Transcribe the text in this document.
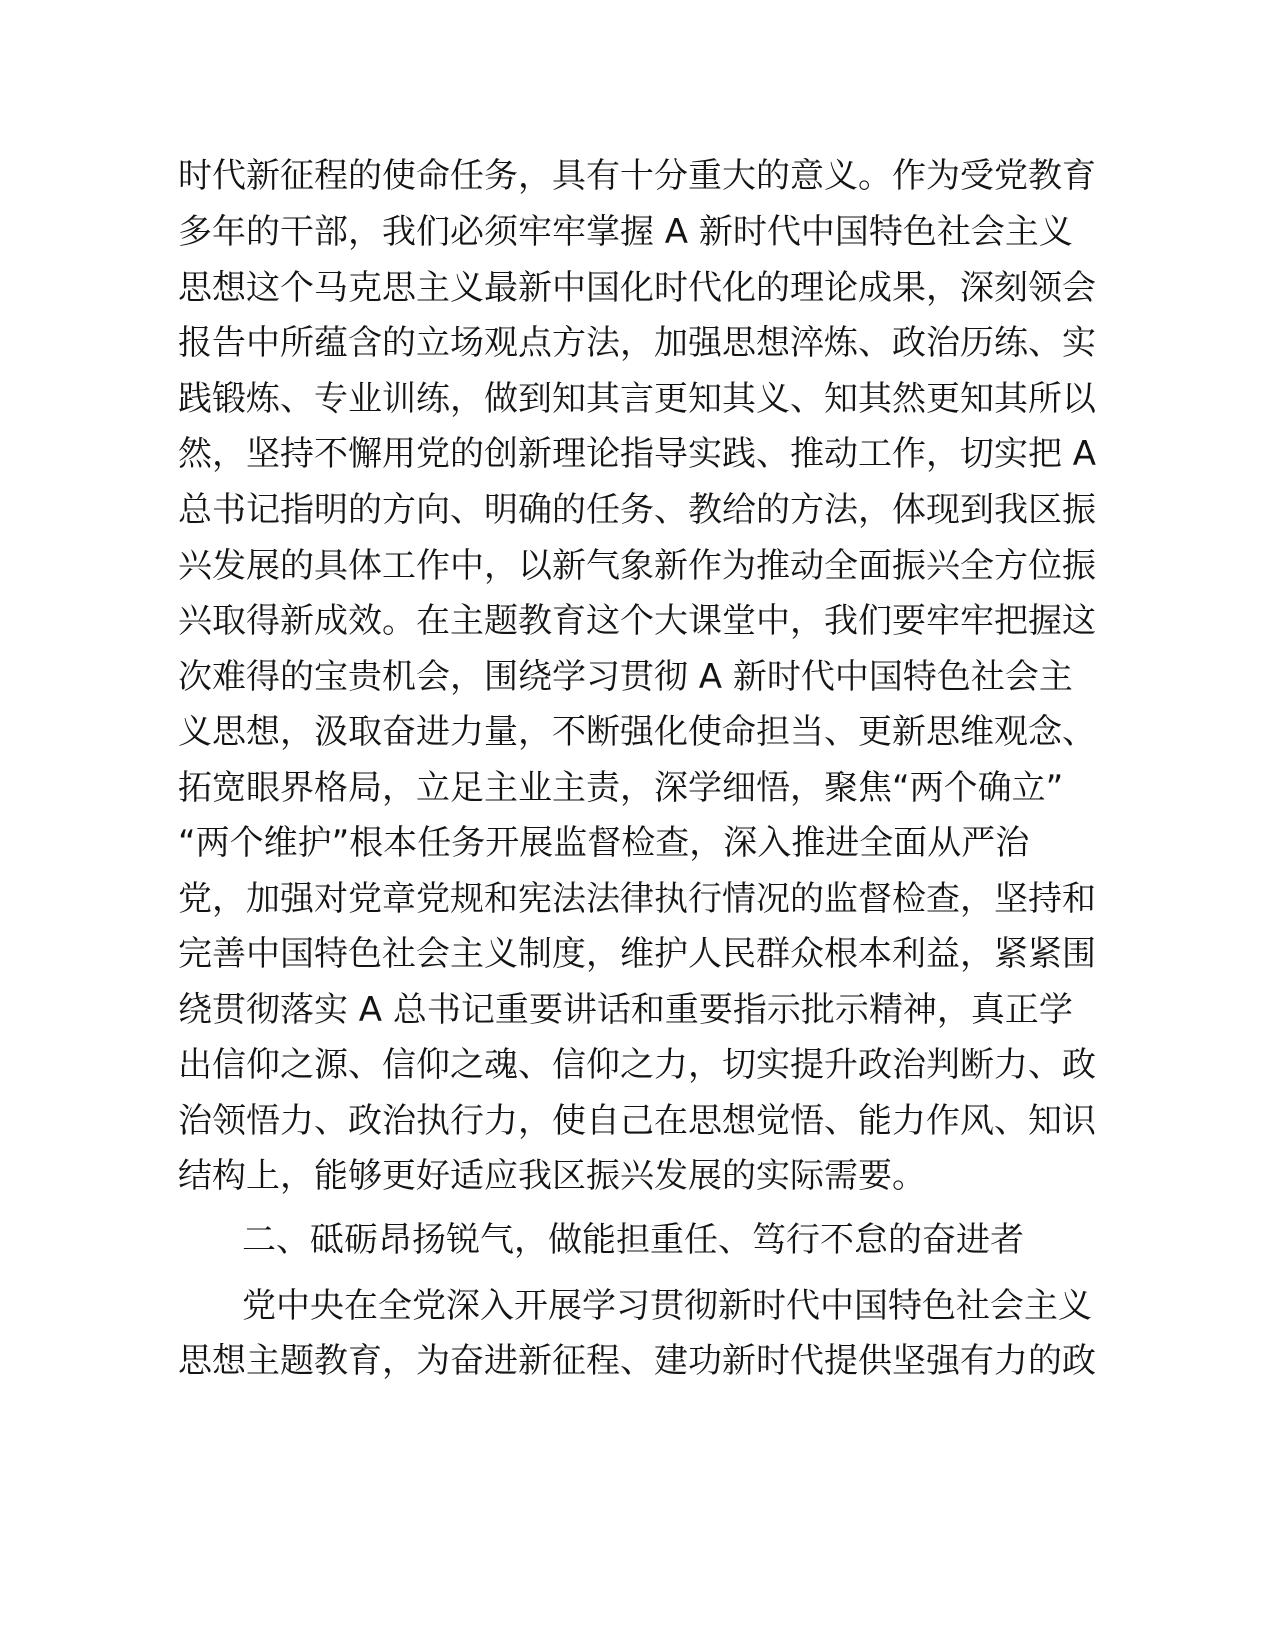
时代新征程的使命任务，具有十分重大的意义。作为受党教育
多年的干部，我们必须牢牢掌握 A 新时代中国特色社会主义
思想这个马克思主义最新中国化时代化的理论成果，深刻领会
报告中所蕴含的立场观点方法，加强思想淬炼、政治历练、实
践锻炼、专业训练，做到知其言更知其义、知其然更知其所以
然，坚持不懈用党的创新理论指导实践、推动工作，切实把 A
总书记指明的方向、明确的任务、教给的方法，体现到我区振
兴发展的具体工作中，以新气象新作为推动全面振兴全方位振
兴取得新成效。在主题教育这个大课堂中，我们要牢牢把握这
次难得的宝贵机会，围绕学习贯彻 A 新时代中国特色社会主
义思想，汲取奋进力量，不断强化使命担当、更新思维观念、
拓宽眼界格局，立足主业主责，深学细悟，聚焦“两个确立”
“两个维护”根本任务开展监督检查，深入推进全面从严治
党，加强对党章党规和宪法法律执行情况的监督检查，坚持和
完善中国特色社会主义制度，维护人民群众根本利益，紧紧围
绕贯彻落实 A 总书记重要讲话和重要指示批示精神，真正学
出信仰之源、信仰之魂、信仰之力，切实提升政治判断力、政
治领悟力、政治执行力，使自己在思想觉悟、能力作风、知识
结构上，能够更好适应我区振兴发展的实际需要。
二、砥砺昂扬锐气，做能担重任、笃行不怠的奋进者
党中央在全党深入开展学习贯彻新时代中国特色社会主义
思想主题教育，为奋进新征程、建功新时代提供坚强有力的政
